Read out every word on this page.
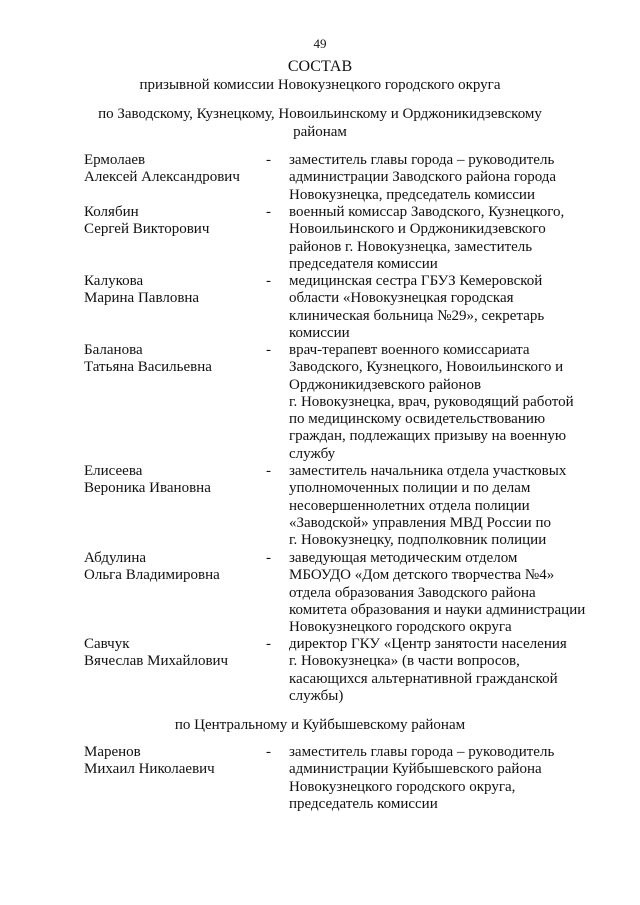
49
СОСТАВ
призывной комиссии Новокузнецкого городского округа
по Заводскому, Кузнецкому, Новоильинскому и Орджоникидзевскому
районам
Ермолаев
Алексей Александрович
- заместитель главы города – руководитель
администрации Заводского района города
Новокузнецка, председатель комиссии
Колябин
Сергей Викторович
- военный комиссар Заводского, Кузнецкого,
Новоильинского и Орджоникидзевского
районов г. Новокузнецка, заместитель
председателя комиссии
Калукова
Марина Павловна
- медицинская сестра ГБУЗ Кемеровской
области «Новокузнецкая городская
клиническая больница №29», секретарь
комиссии
Баланова
Татьяна Васильевна
- врач-терапевт военного комиссариата
Заводского, Кузнецкого, Новоильинского и
Орджоникидзевского районов
г. Новокузнецка, врач, руководящий работой
по медицинскому освидетельствованию
граждан, подлежащих призыву на военную
службу
Елисеева
Вероника Ивановна
- заместитель начальника отдела участковых
уполномоченных полиции и по делам
несовершеннолетних отдела полиции
«Заводской» управления МВД России по
г. Новокузнецку, подполковник полиции
Абдулина
Ольга Владимировна
- заведующая методическим отделом
МБОУДО «Дом детского творчества №4»
отдела образования Заводского района
комитета образования и науки администрации
Новокузнецкого городского округа
Савчук
Вячеслав Михайлович
- директор ГКУ «Центр занятости населения
г. Новокузнецка» (в части вопросов,
касающихся альтернативной гражданской
службы)
по Центральному и Куйбышевскому районам
Маренов
Михаил Николаевич
- заместитель главы города – руководитель
администрации Куйбышевского района
Новокузнецкого городского округа,
председатель комиссии
